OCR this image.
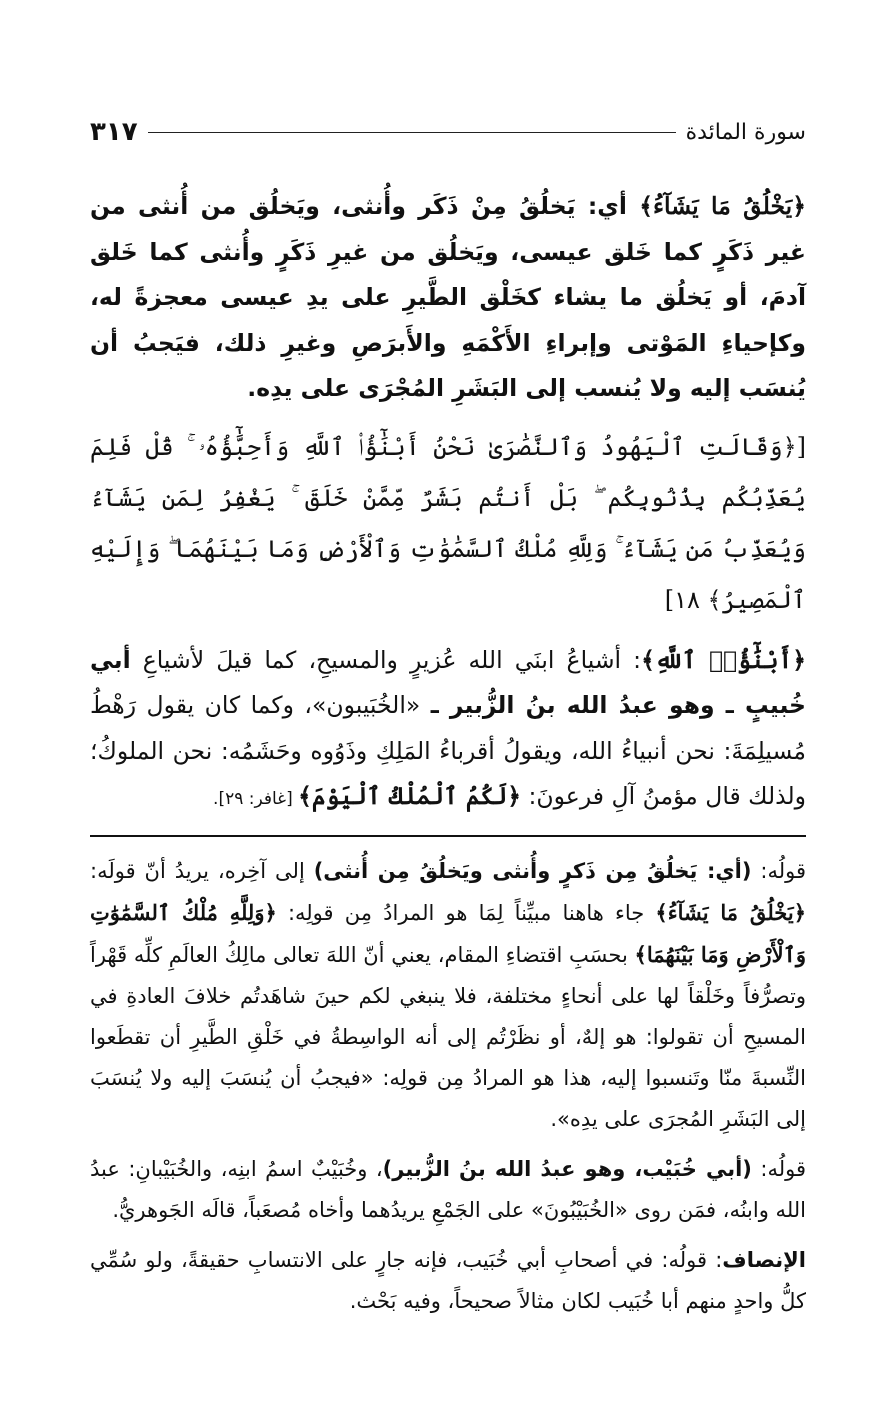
سورة المائدة
٣١٧

﴿يَخْلُقُ مَا يَشَآءُ﴾ أي: يَخلُقُ مِنْ ذَكَر وأُنثى، ويَخلُق من أُنثى من غير ذَكَرٍ كما خَلق عيسى، ويَخلُق من غيرِ ذَكَرٍ وأُنثى كما خَلق آدمَ، أو يَخلُق ما يشاء كخَلْق الطَّيرِ على يدِ عيسى معجزةً له، وكإحياءِ المَوْتى وإبراءِ الأَكْمَهِ والأَبرَصِ وغيرِ ذلك، فيَجبُ أن يُنسَب إليه ولا يُنسب إلى البَشَرِ المُجْرَى على يدِه.

[﴿وَقَالَتِ ٱلْيَهُودُ وَٱلنَّصَٰرَىٰ نَحْنُ أَبْنَٰٓؤُا۟ ٱللَّهِ وَأَحِبَّٰٓؤُهُۥ ۚ قُلْ فَلِمَ يُعَذِّبُكُم بِذُنُوبِكُم ۖ بَلْ أَنتُم بَشَرٌ مِّمَّنْ خَلَقَ ۚ يَغْفِرُ لِمَن يَشَآءُ وَيُعَذِّبُ مَن يَشَآءُ ۚ وَلِلَّهِ مُلْكُ ٱلسَّمَٰوَٰتِ وَٱلْأَرْضِ وَمَا بَيْنَهُمَا ۖ وَإِلَيْهِ ٱلْمَصِيرُ﴾ ١٨]

﴿أَبْنَٰٓؤُا۟ ٱللَّهِ﴾: أشياعُ ابنَي الله عُزيرٍ والمسيحِ، كما قيلَ لأشياعِ أبي خُبيبٍ ـ وهو عبدُ الله بنُ الزُّبير ـ «الخُبَيبون»، وكما كان يقول رَهْطُ مُسيلِمَةَ: نحن أنبياءُ الله، ويقولُ أقرباءُ المَلِكِ وذَوُوه وحَشَمُه: نحن الملوكُ؛ ولذلك قال مؤمنُ آلِ فرعونَ: ﴿لَكُمُ ٱلْمُلْكُ ٱلْيَوْمَ﴾ [غافر: ٢٩].

قولُه: (أي: يَخلُقُ مِن ذَكرٍ وأُنثى ويَخلُقُ مِن أُنثى) إلى آخِره، يريدُ أنّ قولَه: ﴿يَخْلُقُ مَا يَشَآءُ﴾ جاء هاهنا مبيِّناً لِمَا هو المرادُ مِن قولِه: ﴿وَلِلَّهِ مُلْكُ ٱلسَّمَٰوَٰتِ وَٱلْأَرْضِ وَمَا بَيْنَهُمَا﴾ بحسَبِ اقتضاءِ المقام، يعني أنّ اللهَ تعالى مالِكُ العالَمِ كلِّه قَهْراً وتصرُّفاً وخَلْقاً لها على أنحاءٍ مختلفة، فلا ينبغي لكم حينَ شاهَدتُم خلافَ العادةِ في المسيحِ أن تقولوا: هو إلهٌ، أو نظَرْتُم إلى أنه الواسِطةُ في خَلْقِ الطَّيرِ أن تقطَعوا النِّسبةَ منّا وتَنسبوا إليه، هذا هو المرادُ مِن قولِه: «فيجبُ أن يُنسَبَ إليه ولا يُنسَبَ إلى البَشَرِ المُجرَى على يدِه».

قولُه: (أبي خُبَيْب، وهو عبدُ الله بنُ الزُّبير)، وخُبَيْبٌ اسمُ ابنِه، والخُبَيْبانِ: عبدُ الله وابنُه، فمَن روى «الخُبَيْبُونَ» على الجَمْعِ يريدُهما وأخاه مُصعَباً، قالَه الجَوهريُّ.

الإنصاف: قولُه: في أصحابِ أبي خُبَيب، فإنه جارٍ على الانتسابِ حقيقةً، ولو سُمِّي كلُّ واحدٍ منهم أبا خُبَيب لكان مثالاً صحيحاً، وفيه بَحْث.
